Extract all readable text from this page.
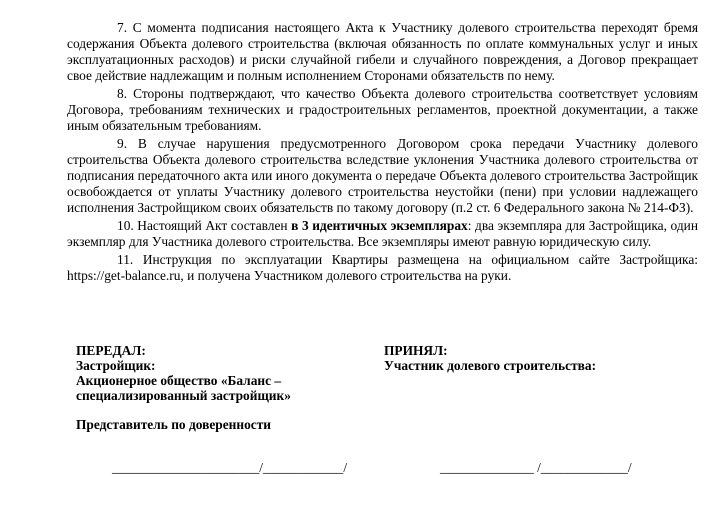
7. С момента подписания настоящего Акта к Участнику долевого строительства переходят бремя содержания Объекта долевого строительства (включая обязанность по оплате коммунальных услуг и иных эксплуатационных расходов) и риски случайной гибели и случайного повреждения, а Договор прекращает свое действие надлежащим и полным исполнением Сторонами обязательств по нему.

8. Стороны подтверждают, что качество Объекта долевого строительства соответствует условиям Договора, требованиям технических и градостроительных регламентов, проектной документации, а также иным обязательным требованиям.

9. В случае нарушения предусмотренного Договором срока передачи Участнику долевого строительства Объекта долевого строительства вследствие уклонения Участника долевого строительства от подписания передаточного акта или иного документа о передаче Объекта долевого строительства Застройщик освобождается от уплаты Участнику долевого строительства неустойки (пени) при условии надлежащего исполнения Застройщиком своих обязательств по такому договору (п.2 ст. 6 Федерального закона № 214-ФЗ).

10. Настоящий Акт составлен в 3 идентичных экземплярах: два экземпляра для Застройщика, один экземпляр для Участника долевого строительства. Все экземпляры имеют равную юридическую силу.

11. Инструкция по эксплуатации Квартиры размещена на официальном сайте Застройщика: https://get-balance.ru, и получена Участником долевого строительства на руки.

ПЕРЕДАЛ:
Застройщик:
Акционерное общество «Баланс –
специализированный застройщик»
ПРИНЯЛ:
Участник долевого строительства:
Представитель по доверенности
______________________/____________/	______________ /_____________/
